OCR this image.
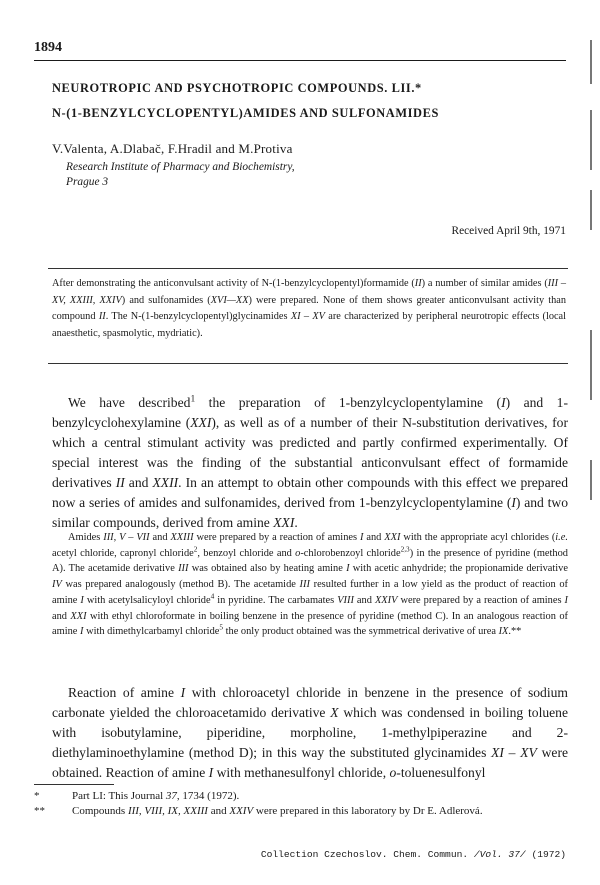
1894
NEUROTROPIC AND PSYCHOTROPIC COMPOUNDS. LII.*
N-(1-BENZYLCYCLOPENTYL)AMIDES AND SULFONAMIDES
V.Valenta, A.Dlabač, F.Hradil and M.Protiva
Research Institute of Pharmacy and Biochemistry,
Prague 3
Received April 9th, 1971

After demonstrating the anticonvulsant activity of N-(1-benzylcyclopentyl)formamide (II) a number of similar amides (III – XV, XXIII, XXIV) and sulfonamides (XVI—XX) were prepared. None of them shows greater anticonvulsant activity than compound II. The N-(1-benzylcyclopentyl)glycinamides XI – XV are characterized by peripheral neurotropic effects (local anaesthetic, spasmolytic, mydriatic).

We have described$^1$ the preparation of 1-benzylcyclopentylamine (I) and 1-benzylcyclohexylamine (XXI), as well as of a number of their N-substitution derivatives, for which a central stimulant activity was predicted and partly confirmed experimentally. Of special interest was the finding of the substantial anticonvulsant effect of formamide derivatives II and XXII. In an attempt to obtain other compounds with this effect we prepared now a series of amides and sulfonamides, derived from 1-benzylcyclopentylamine (I) and two similar compounds, derived from amine XXI.

Amides III, V – VII and XXIII were prepared by a reaction of amines I and XXI with the appropriate acyl chlorides (i.e. acetyl chloride, capronyl chloride$^2$, benzoyl chloride and o-chlorobenzoyl chloride$^{2,3}$) in the presence of pyridine (method A). The acetamide derivative III was obtained also by heating amine I with acetic anhydride; the propionamide derivative IV was prepared analogously (method B). The acetamide III resulted further in a low yield as the product of reaction of amine I with acetylsalicyloyl chloride$^4$ in pyridine. The carbamates VIII and XXIV were prepared by a reaction of amines I and XXI with ethyl chloroformate in boiling benzene in the presence of pyridine (method C). In an analogous reaction of amine I with dimethylcarbamyl chloride$^5$ the only product obtained was the symmetrical derivative of urea IX.**

Reaction of amine I with chloroacetyl chloride in benzene in the presence of sodium carbonate yielded the chloroacetamido derivative X which was condensed in boiling toluene with isobutylamine, piperidine, morpholine, 1-methylpiperazine and 2-diethylaminoethylamine (method D); in this way the substituted glycinamides XI – XV were obtained. Reaction of amine I with methanesulfonyl chloride, o-toluenesulfonyl

*	Part LI: This Journal 37, 1734 (1972).
**	Compounds III, VIII, IX, XXIII and XXIV were prepared in this laboratory by Dr E. Adlerová.
Collection Czechoslov. Chem. Commun. /Vol. 37/ (1972)
